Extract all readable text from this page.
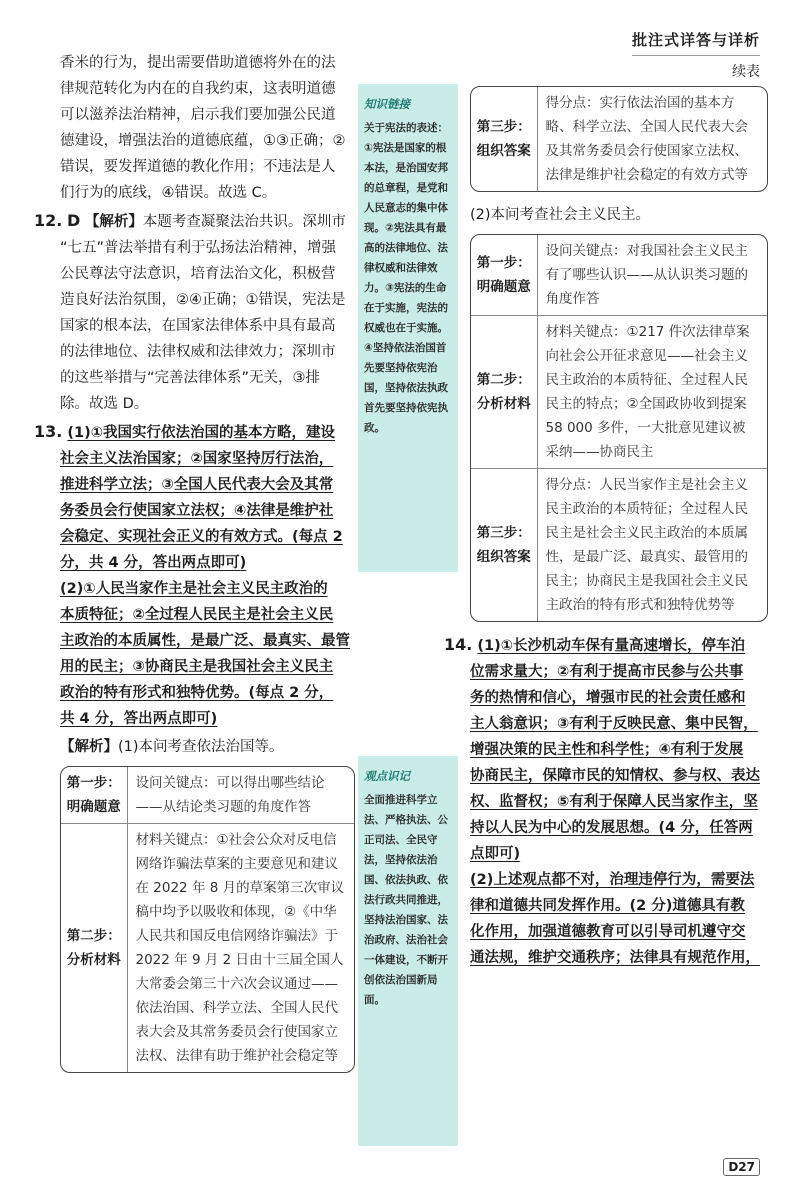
批注式详答与详析
续表
香米的行为，提出需要借助道德将外在的法
律规范转化为内在的自我约束，这表明道德
可以滋养法治精神，启示我们要加强公民道
德建设，增强法治的道德底蕴，①③正确；②
错误，要发挥道德的教化作用；不违法是人
们行为的底线，④错误。故选 C。
12. D 【解析】本题考查凝聚法治共识。深圳市
“七五”普法举措有利于弘扬法治精神，增强
公民尊法守法意识，培育法治文化，积极营
造良好法治氛围，②④正确；①错误，宪法是
国家的根本法，在国家法律体系中具有最高
的法律地位、法律权威和法律效力；深圳市
的这些举措与“完善法律体系”无关，③排
除。故选 D。
13. (1)①我国实行依法治国的基本方略，建设
社会主义法治国家；②国家坚持厉行法治，
推进科学立法；③全国人民代表大会及其常
务委员会行使国家立法权；④法律是维护社
会稳定、实现社会正义的有效方式。(每点 2
分，共 4 分，答出两点即可)
(2)①人民当家作主是社会主义民主政治的
本质特征；②全过程人民民主是社会主义民
主政治的本质属性，是最广泛、最真实、最管
用的民主；③协商民主是我国社会主义民主
政治的特有形式和独特优势。(每点 2 分，
共 4 分，答出两点即可)
【解析】(1)本问考查依法治国等。
第一步：
明确题意	设问关键点：可以得出哪些结论——从结论类习题的角度作答

第二步：
分析材料	材料关键点：①社会公众对反电信网络诈骗法草案的主要意见和建议在 2022 年 8 月的草案第三次审议稿中均予以吸收和体现，②《中华人民共和国反电信网络诈骗法》于 2022 年 9 月 2 日由十三届全国人大常委会第三十六次会议通过——依法治国、科学立法、全国人民代表大会及其常务委员会行使国家立法权、法律有助于维护社会稳定等
知识链接
关于宪法的表述：①宪法是国家的根本法，是治国安邦的总章程，是党和人民意志的集中体现。②宪法具有最高的法律地位、法律权威和法律效力。③宪法的生命在于实施，宪法的权威也在于实施。④坚持依法治国首先要坚持依宪治国，坚持依法执政首先要坚持依宪执政。
观点识记
全面推进科学立法、严格执法、公正司法、全民守法，坚持依法治国、依法执政、依法行政共同推进，坚持法治国家、法治政府、法治社会一体建设，不断开创依法治国新局面。
第三步：
组织答案
	得分点：实行依法治国的基本方略、科学立法、全国人民代表大会及其常务委员会行使国家立法权、法律是维护社会稳定的有效方式等
(2)本问考查社会主义民主。
第一步：
明确题意	设问关键点：对我国社会主义民主有了哪些认识——从认识类习题的角度作答

第二步：
分析材料	材料关键点：①217 件次法律草案向社会公开征求意见——社会主义民主政治的本质特征、全过程人民民主的特点；②全国政协收到提案 58 000 多件，一大批意见建议被采纳——协商民主

第三步：
组织答案	得分点：人民当家作主是社会主义民主政治的本质特征；全过程人民民主是社会主义民主政治的本质属性，是最广泛、最真实、最管用的民主；协商民主是我国社会主义民主政治的特有形式和独特优势等
14. (1)①长沙机动车保有量高速增长，停车泊
位需求量大；②有利于提高市民参与公共事
务的热情和信心，增强市民的社会责任感和
主人翁意识；③有利于反映民意、集中民智，
增强决策的民主性和科学性；④有利于发展
协商民主，保障市民的知情权、参与权、表达
权、监督权；⑤有利于保障人民当家作主，坚
持以人民为中心的发展思想。(4 分，任答两
点即可)
(2)上述观点都不对，治理违停行为，需要法
律和道德共同发挥作用。(2 分)道德具有教
化作用，加强道德教育可以引导司机遵守交
通法规，维护交通秩序；法律具有规范作用，
D27
